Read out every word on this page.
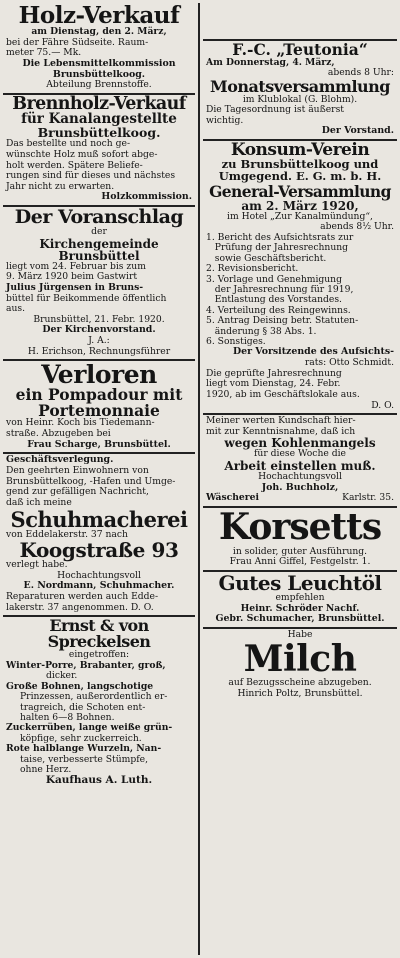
Holz-Verkauf
am Dienstag, den 2. März,
bei der Fähre Südseite. Raum-
meter 75.— Mk.
Die Lebensmittelkommission
Brunsbüttelkoog.
Abteilung Brennstoffe.
Brennholz-Verkauf
für Kanalangestellte
Brunsbüttelkoog.
Das bestellte und noch ge-
wünschte Holz muß sofort abge-
holt werden. Spätere Beliefe-
rungen sind für dieses und nächstes
Jahr nicht zu erwarten.
Holzkommission.
Der Voranschlag
der
Kirchengemeinde Brunsbüttel
liegt vom 24. Februar bis zum
9. März 1920 beim Gastwirt
Julius Jürgensen in Bruns-
büttel für Beikommende öffentlich
aus.
Brunsbüttel, 21. Febr. 1920.
Der Kirchenvorstand.
J. A.:
H. Erichson, Rechnungsführer
Verloren
ein Pompadour mit
Portemonnaie
von Heinr. Koch bis Tiedemann-
straße. Abzugeben bei
Frau Scharge, Brunsbüttel.
Geschäftsverlegung.
Den geehrten Einwohnern von
Brunsbüttelkoog, -Hafen und Umge-
gend zur gefälligen Nachricht,
daß ich meine
Schuhmacherei
von Eddelakerstr. 37 nach
Koogstraße 93
verlegt habe.
Hochachtungsvoll
E. Nordmann, Schuhmacher.
Reparaturen werden auch Edde-
lakerstr. 37 angenommen. D. O.
Ernst & von Spreckelsen
eingetroffen:
Winter-Porre, Brabanter, groß,
dicker.
Große Bohnen, langschotige
Prinzessen, außerordentlich er-
tragreich, die Schoten ent-
halten 6—8 Bohnen.
Zuckerrüben, lange weiße grün-
köpfige, sehr zuckerreich.
Rote halblange Wurzeln, Nan-
taise, verbesserte Stümpfe,
ohne Herz.
Kaufhaus A. Luth.
F.-C. „Teutonia“
Am Donnerstag, 4. März,
abends 8 Uhr:
Monatsversammlung
im Klublokal (G. Blohm).
Die Tagesordnung ist äußerst
wichtig.
Der Vorstand.
Konsum-Verein
zu Brunsbüttelkoog und
Umgegend. E. G. m. b. H.
General-Versammlung
am 2. März 1920,
im Hotel „Zur Kanalmündung“,
abends 8½ Uhr.
1. Bericht des Aufsichtsrats zur
Prüfung der Jahresrechnung
sowie Geschäftsbericht.
2. Revisionsbericht.
3. Vorlage und Genehmigung
der Jahresrechnung für 1919,
Entlastung des Vorstandes.
4. Verteilung des Reingewinns.
5. Antrag Deising betr. Statuten-
änderung § 38 Abs. 1.
6. Sonstiges.
Der Vorsitzende des Aufsichts-
rats: Otto Schmidt.
Die geprüfte Jahresrechnung
liegt vom Dienstag, 24. Febr.
1920, ab im Geschäftslokale aus.
D. O.
Meiner werten Kundschaft hier-
mit zur Kenntnisnahme, daß ich
wegen Kohlenmangels
für diese Woche die
Arbeit einstellen muß.
Hochachtungsvoll
Joh. Buchholz,
Wäscherei	Karlstr. 35.
Korsetts
in solider, guter Ausführung.
Frau Anni Giffel, Festgelstr. 1.
Gutes Leuchtöl
empfehlen
Heinr. Schröder Nachf.
Gebr. Schumacher, Brunsbüttel.
Habe
Milch
auf Bezugsscheine abzugeben.
Hinrich Poltz, Brunsbüttel.
